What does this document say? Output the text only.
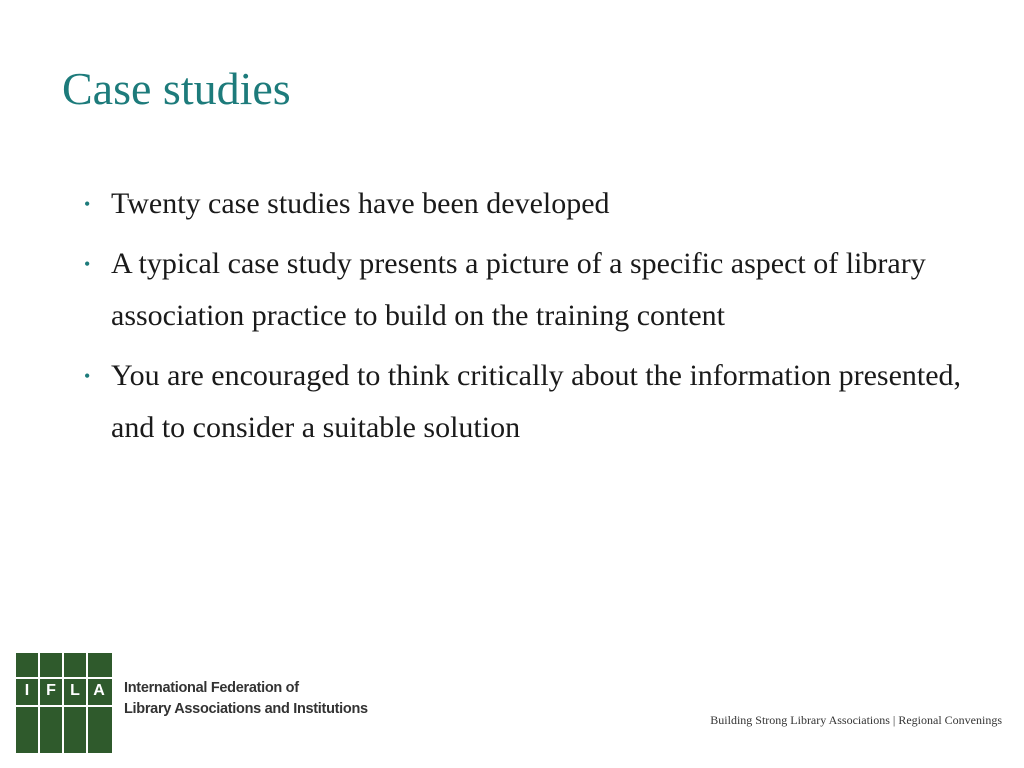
Case studies
• Twenty case studies have been developed
• A typical case study presents a picture of a specific aspect of library association practice to build on the training content
• You are encouraged to think critically about the information presented, and to consider a suitable solution
I	F L A	International Federation of
Library Associations and Institutions
Building Strong Library Associations | Regional Convenings
